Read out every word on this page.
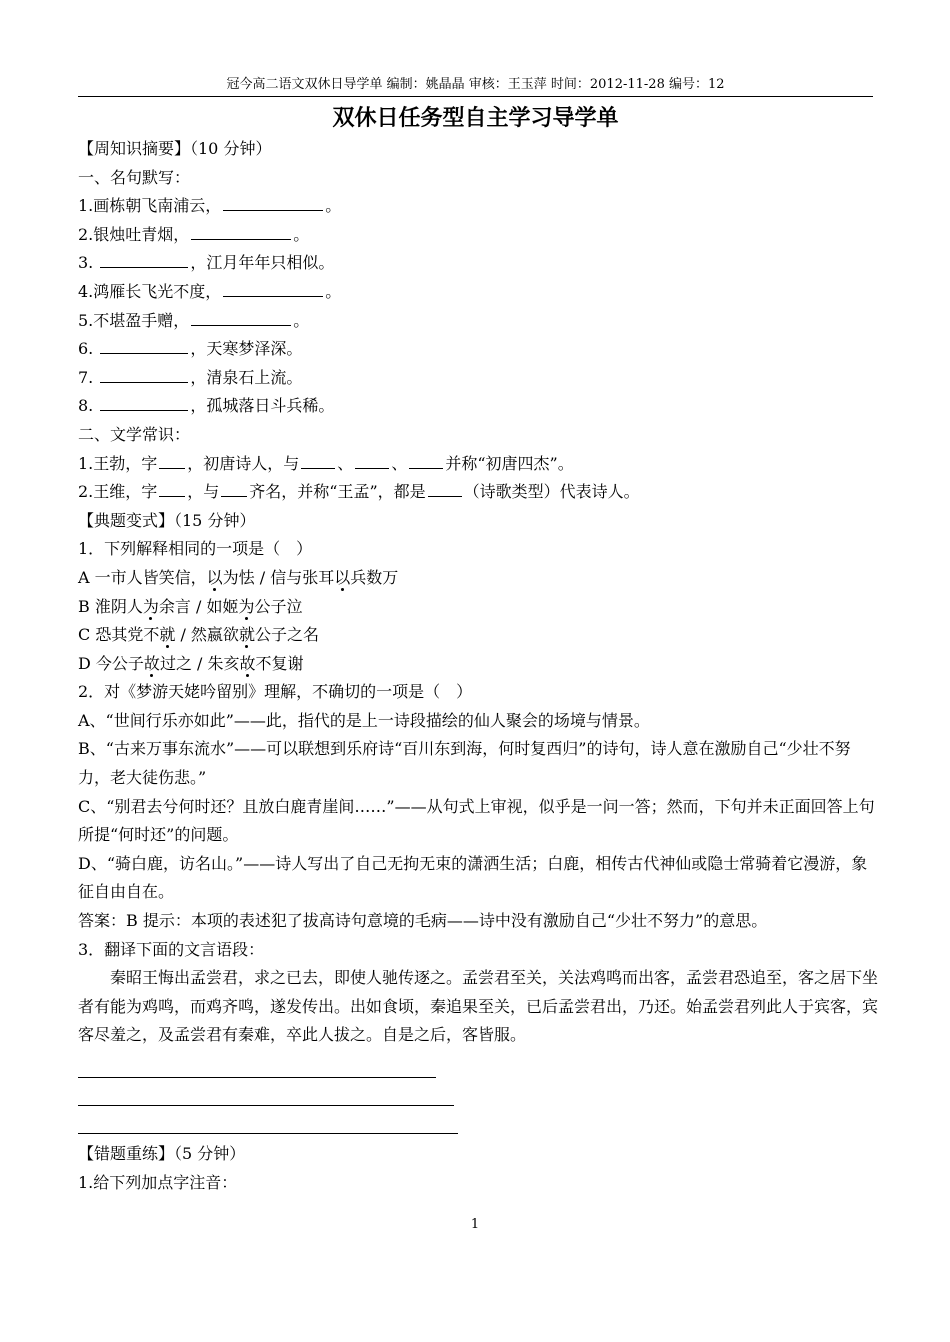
冠今高二语文双休日导学单 编制：姚晶晶 审核：王玉萍 时间：2012-11-28 编号：12
双休日任务型自主学习导学单
【周知识摘要】（10 分钟）
一、名句默写：
1.画栋朝飞南浦云，	。
2.银烛吐青烟，	。
3.	，江月年年只相似。
4.鸿雁长飞光不度，	。
5.不堪盈手赠，	。
6.	，天寒梦泽深。
7.	，清泉石上流。
8.	，孤城落日斗兵稀。
二、文学常识：
1.王勃，字 ，初唐诗人，与 、 、 并称“初唐四杰”。
2.王维，字 ，与 齐名，并称“王孟”，都是 （诗歌类型）代表诗人。
【典题变式】（15 分钟）
1．下列解释相同的一项是（　）
A 一市人皆笑信，以为怯 / 信与张耳以兵数万
B 淮阴人为余言 / 如姬为公子泣
C 恐其党不就 / 然嬴欲就公子之名
D 今公子故过之 / 朱亥故不复谢
2．对《梦游天姥吟留别》理解，不确切的一项是（　）
A、“世间行乐亦如此”——此，指代的是上一诗段描绘的仙人聚会的场境与情景。
B、“古来万事东流水”——可以联想到乐府诗“百川东到海，何时复西归”的诗句，诗人意在激励自己“少壮不努力，老大徒伤悲。”
C、“别君去兮何时还？且放白鹿青崖间……”——从句式上审视，似乎是一问一答；然而，下句并未正面回答上句所提“何时还”的问题。
D、“骑白鹿，访名山。”——诗人写出了自己无拘无束的潇洒生活；白鹿，相传古代神仙或隐士常骑着它漫游，象征自由自在。
答案：B 提示：本项的表述犯了拔高诗句意境的毛病——诗中没有激励自己“少壮不努力”的意思。
3．翻译下面的文言语段：
秦昭王悔出孟尝君，求之已去，即使人驰传逐之。孟尝君至关，关法鸡鸣而出客，孟尝君恐追至，客之居下坐者有能为鸡鸣，而鸡齐鸣，遂发传出。出如食顷，秦追果至关，已后孟尝君出，乃还。始孟尝君列此人于宾客，宾客尽羞之，及孟尝君有秦难，卒此人拔之。自是之后，客皆服。
【错题重练】（5 分钟）
1.给下列加点字注音：
1
